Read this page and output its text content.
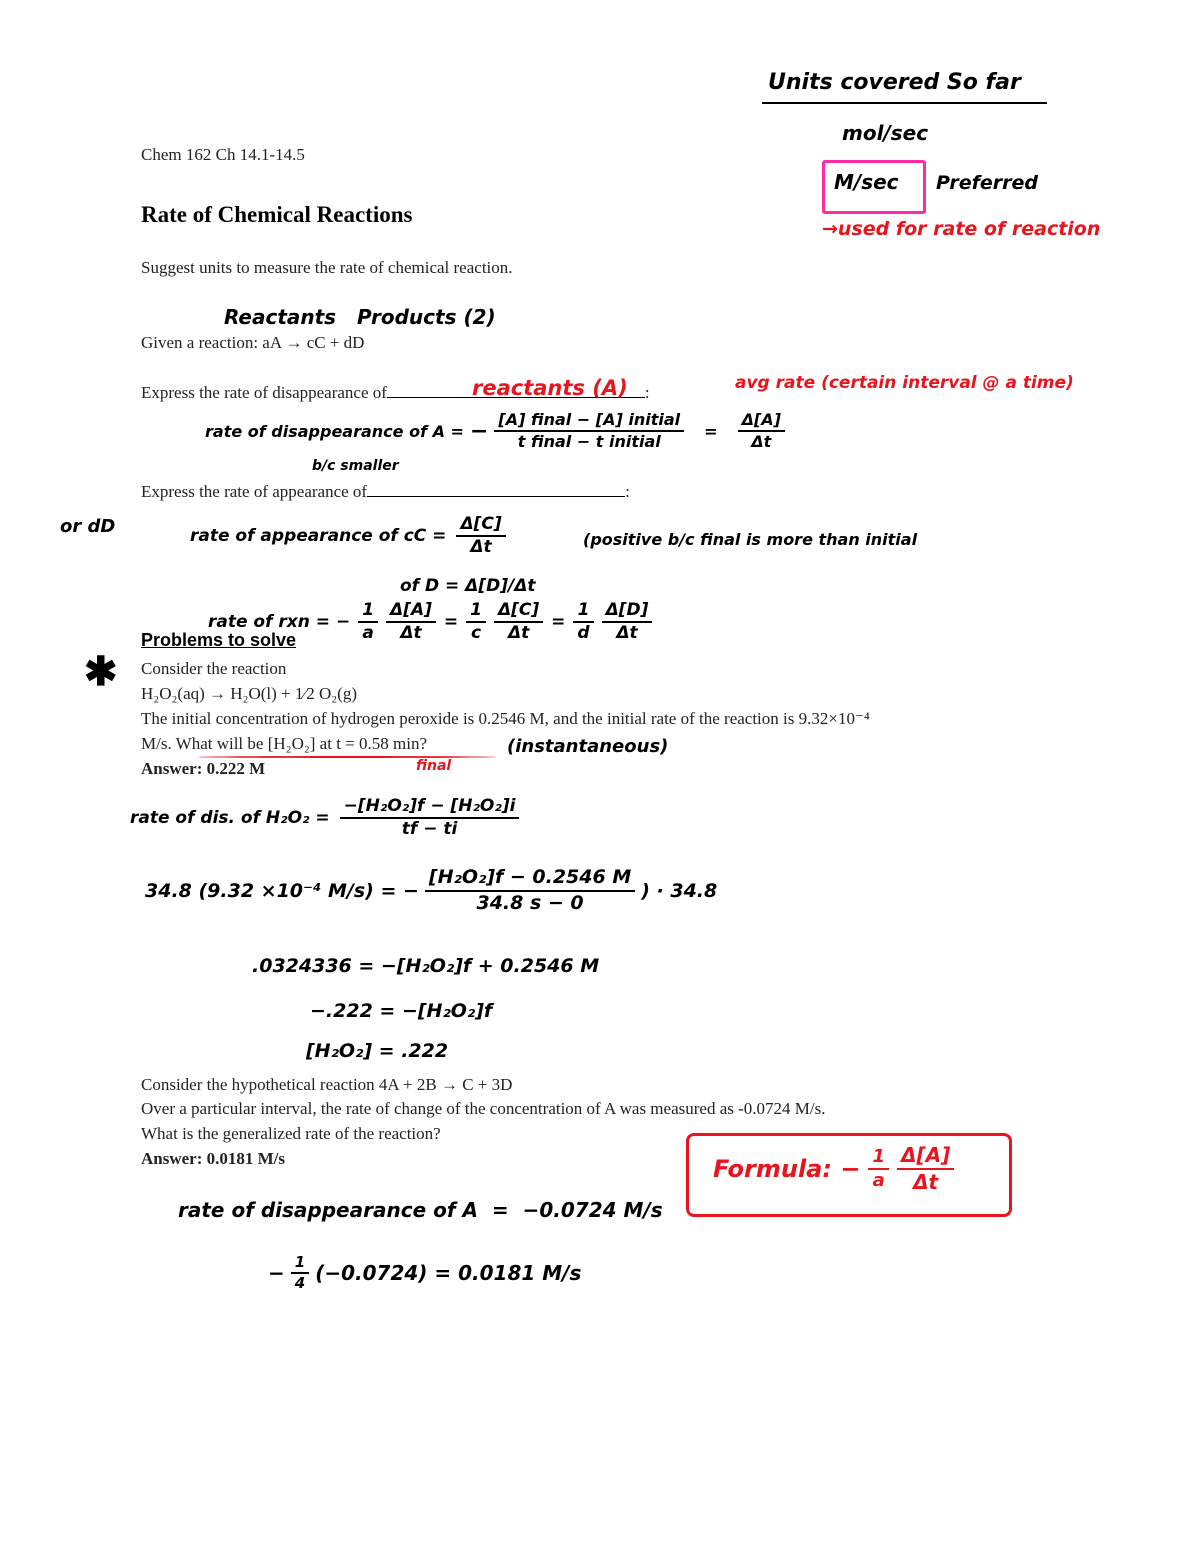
Units covered So far
mol/sec
M/sec Preferred
→used for rate of reaction
Chem 162 Ch 14.1-14.5
Rate of Chemical Reactions
Suggest units to measure the rate of chemical reaction.
Reactants   Products (2)
Given a reaction: aA → cC + dD
Express the rate of disappearance of	:
reactants (A)	avg rate (certain interval @ a time)
rate of disappearance of A = − $\frac{\text{[A] final − [A] initial}}{\text{t final − t initial}} = \frac{\Delta[A]}{\Delta t}$
b/c smaller
Express the rate of appearance of	:
or dD	rate of appearance of cC = $\frac{\Delta[C]}{\Delta t}$	(positive b/c final is more than initial
of D = Δ[D]/Δt
rate of rxn = − $\frac{1}{a} \frac{\Delta[A]}{\Delta t} = \frac{1}{c} \frac{\Delta[C]}{\Delta t} = \frac{1}{d} \frac{\Delta[D]}{\Delta t}$
Problems to solve
✱ Consider the reaction
H₂O₂(aq) → H₂O(l) + 1⁄2 O₂(g)
The initial concentration of hydrogen peroxide is 0.2546 M, and the initial rate of the reaction is 9.32×10⁻⁴
M/s. What will be [H₂O₂] at t = 0.58 min?	(instantaneous)
final
Answer: 0.222 M
rate of dis. of $H_2O_2 = \frac{\text{−[H₂O₂]f − [H₂O₂]i}}{tf - ti}$
34.8 (9.32 ×10⁻⁴ M/s) = − $\frac{\text{[H₂O₂]f − 0.2546 M}}{34.8 s - 0}$ ) · 34.8
.0324336 = −[H₂O₂]f + 0.2546 M
−.222 = −[H₂O₂]f
[H₂O₂] = .222
Consider the hypothetical reaction 4A + 2B → C + 3D
Over a particular interval, the rate of change of the concentration of A was measured as -0.0724 M/s.
What is the generalized rate of the reaction?
Answer: 0.0181 M/s	Formula: − $\frac{1}{a} \frac{\Delta[A]}{\Delta t}$
rate of disappearance of A  =  −0.0724 M/s
− $\frac{1}{4} (-0.0724) = 0.0181$ M/s
